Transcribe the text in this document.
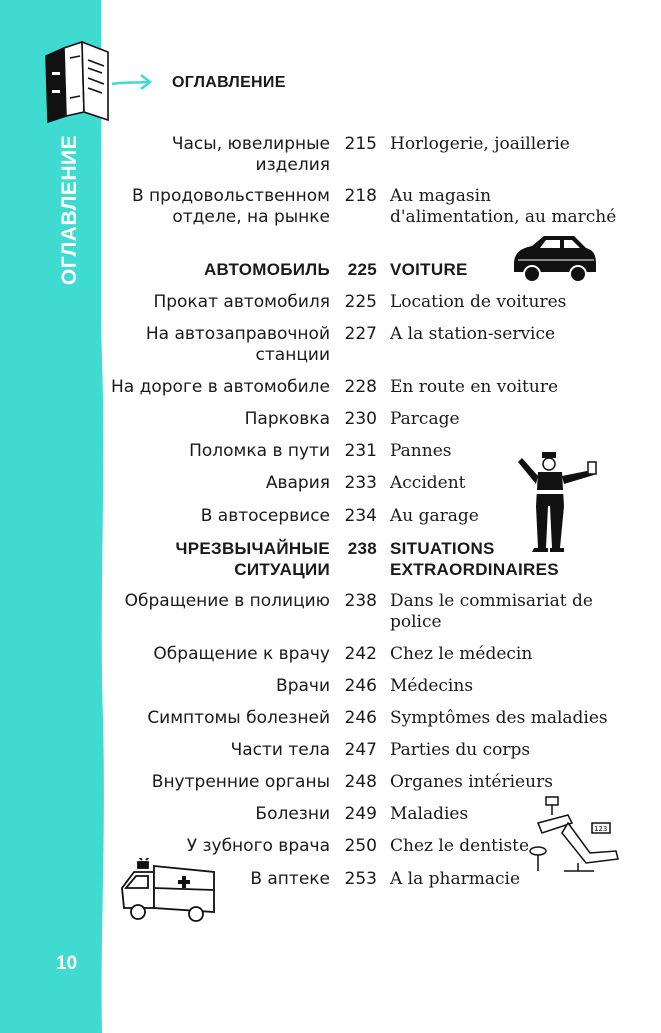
ОГЛАВЛЕНИЕ
10
ОГЛАВЛЕНИЕ
Часы, ювелирные изделия
215 Horlogerie, joaillerie
В продовольственном отделе, на рынке
218 Au magasin d'alimentation, au marché
АВТОМОБИЛЬ	225 VOITURE
Прокат автомобиля 225 Location de voitures
На автозаправочной станции
227 A la station-service
На дороге в автомобиле 228 En route en voiture
Парковка 230 Parcage
Поломка в пути 231 Pannes
Авария 233 Accident
В автосервисе 234 Au garage
ЧРЕЗВЫЧАЙНЫЕ СИТУАЦИИ
238 SITUATIONS EXTRAORDINAIRES
Обращение в полицию 238 Dans le commisariat de police
Обращение к врачу 242 Chez le médecin
Врачи 246 Médecins
Симптомы болезней 246 Symptômes des maladies
Части тела 247 Parties du corps
Внутренние органы 248 Organes intérieurs
Болезни 249 Maladies
У зубного врача 250 Chez le dentiste
В аптеке 253 A la pharmacie
123
